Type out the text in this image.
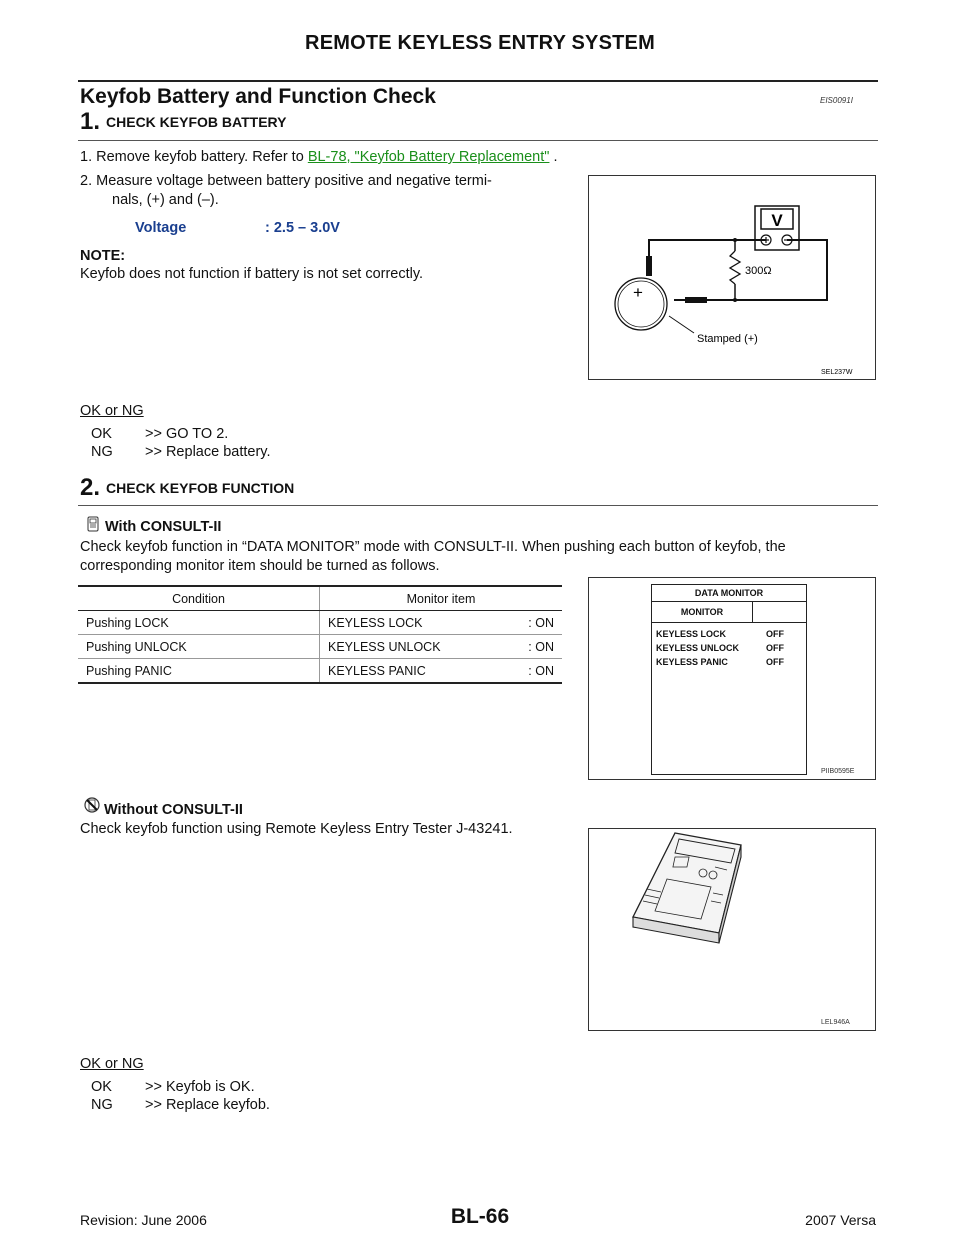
REMOTE KEYLESS ENTRY SYSTEM
Keyfob Battery and Function Check	EIS0091I
1. CHECK KEYFOB BATTERY
1. Remove keyfob battery. Refer to BL-78, "Keyfob Battery Replacement" .
2. Measure voltage between battery positive and negative termi-
nals, (+) and (–).
Voltage	: 2.5 – 3.0V
NOTE:
Keyfob does not function if battery is not set correctly.
V
300Ω
+
Stamped (+)
SEL237W
OK or NG
OK >> GO TO 2.
NG >> Replace battery.
2. CHECK KEYFOB FUNCTION
With CONSULT-II
Check keyfob function in “DATA MONITOR” mode with CONSULT-II. When pushing each button of keyfob, the
corresponding monitor item should be turned as follows.
Condition	Monitor item	
Pushing LOCK	KEYLESS LOCK	: ON
Pushing UNLOCK	KEYLESS UNLOCK	: ON
Pushing PANIC	KEYLESS PANIC	: ON
DATA MONITOR
MONITOR
KEYLESS LOCK	OFF
KEYLESS UNLOCK	OFF
KEYLESS PANIC	OFF
PIIB0595E
Without CONSULT-II
Check keyfob function using Remote Keyless Entry Tester J-43241.
LEL946A
OK or NG
OK >> Keyfob is OK.
NG >> Replace keyfob.
Revision: June 2006	BL-66	2007 Versa
